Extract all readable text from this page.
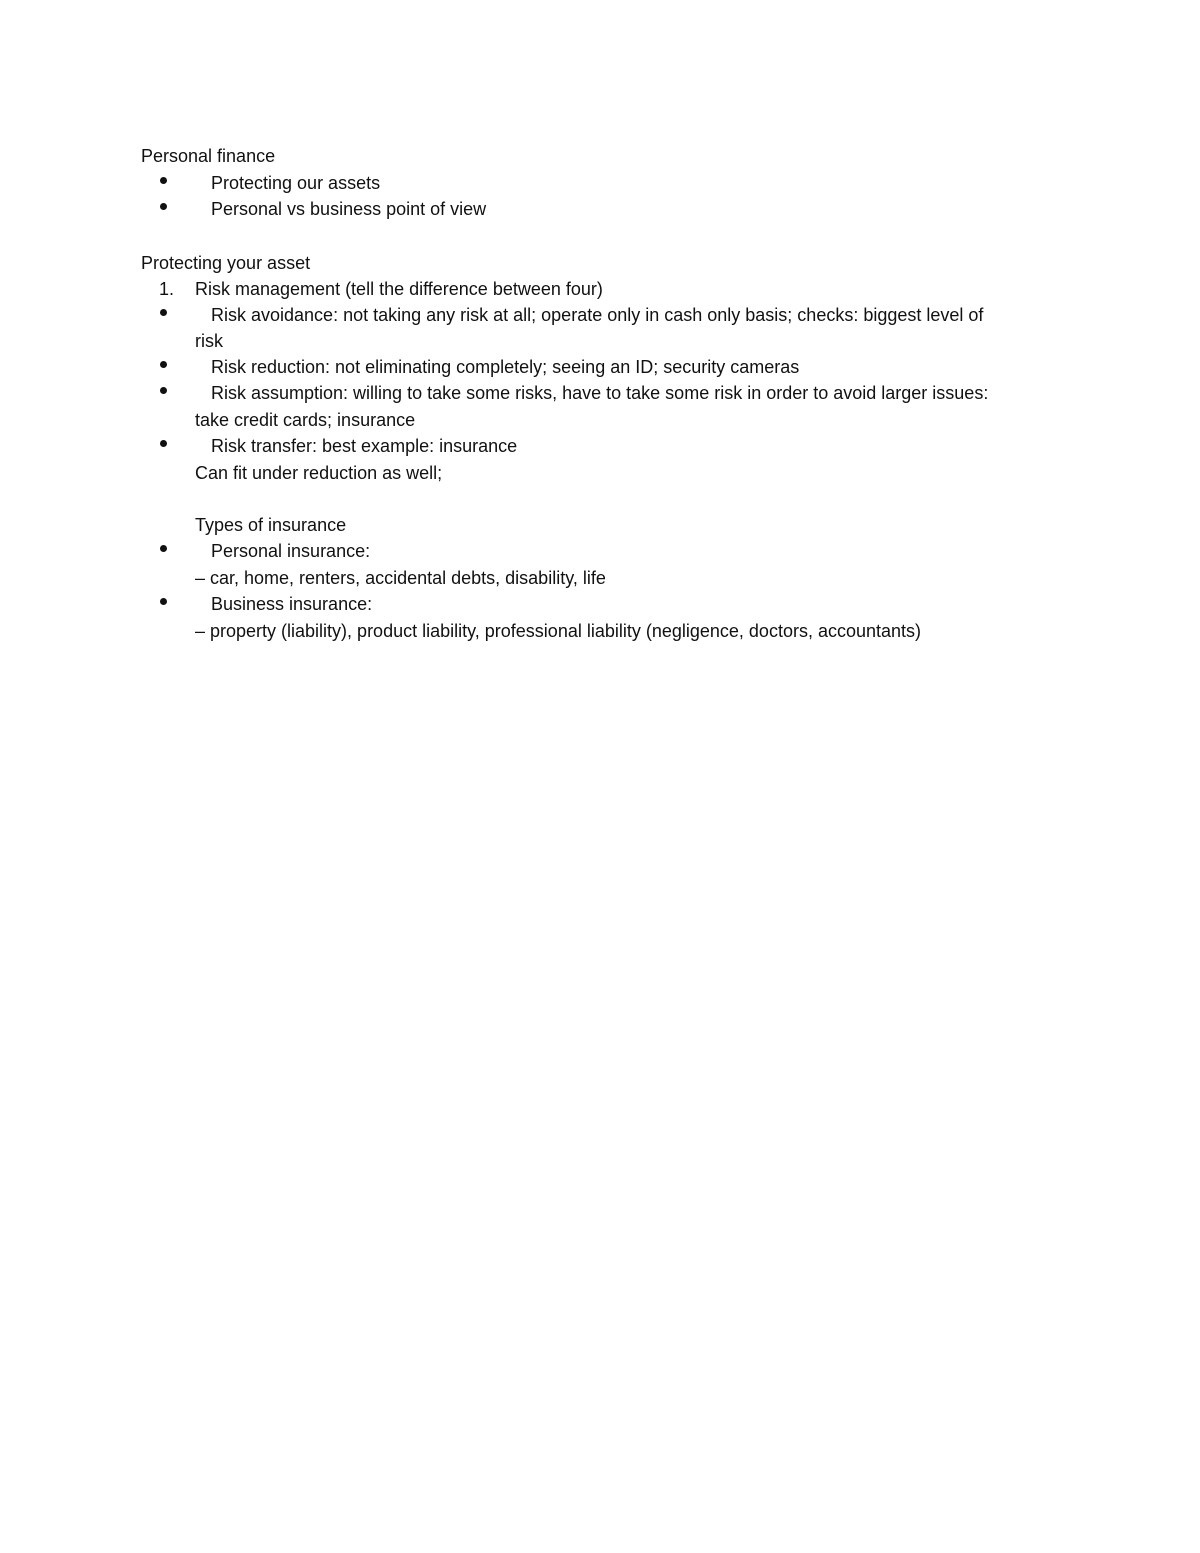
Personal finance
Protecting our assets
Personal vs business point of view
Protecting your asset
1. Risk management (tell the difference between four)
Risk avoidance: not taking any risk at all; operate only in cash only basis; checks: biggest level of
risk
Risk reduction: not eliminating completely; seeing an ID; security cameras
Risk assumption: willing to take some risks, have to take some risk in order to avoid larger issues:
take credit cards; insurance
Risk transfer: best example: insurance
Can fit under reduction as well;
Types of insurance
Personal insurance:
– car, home, renters, accidental debts, disability, life
Business insurance:
– property (liability), product liability, professional liability (negligence, doctors, accountants)
